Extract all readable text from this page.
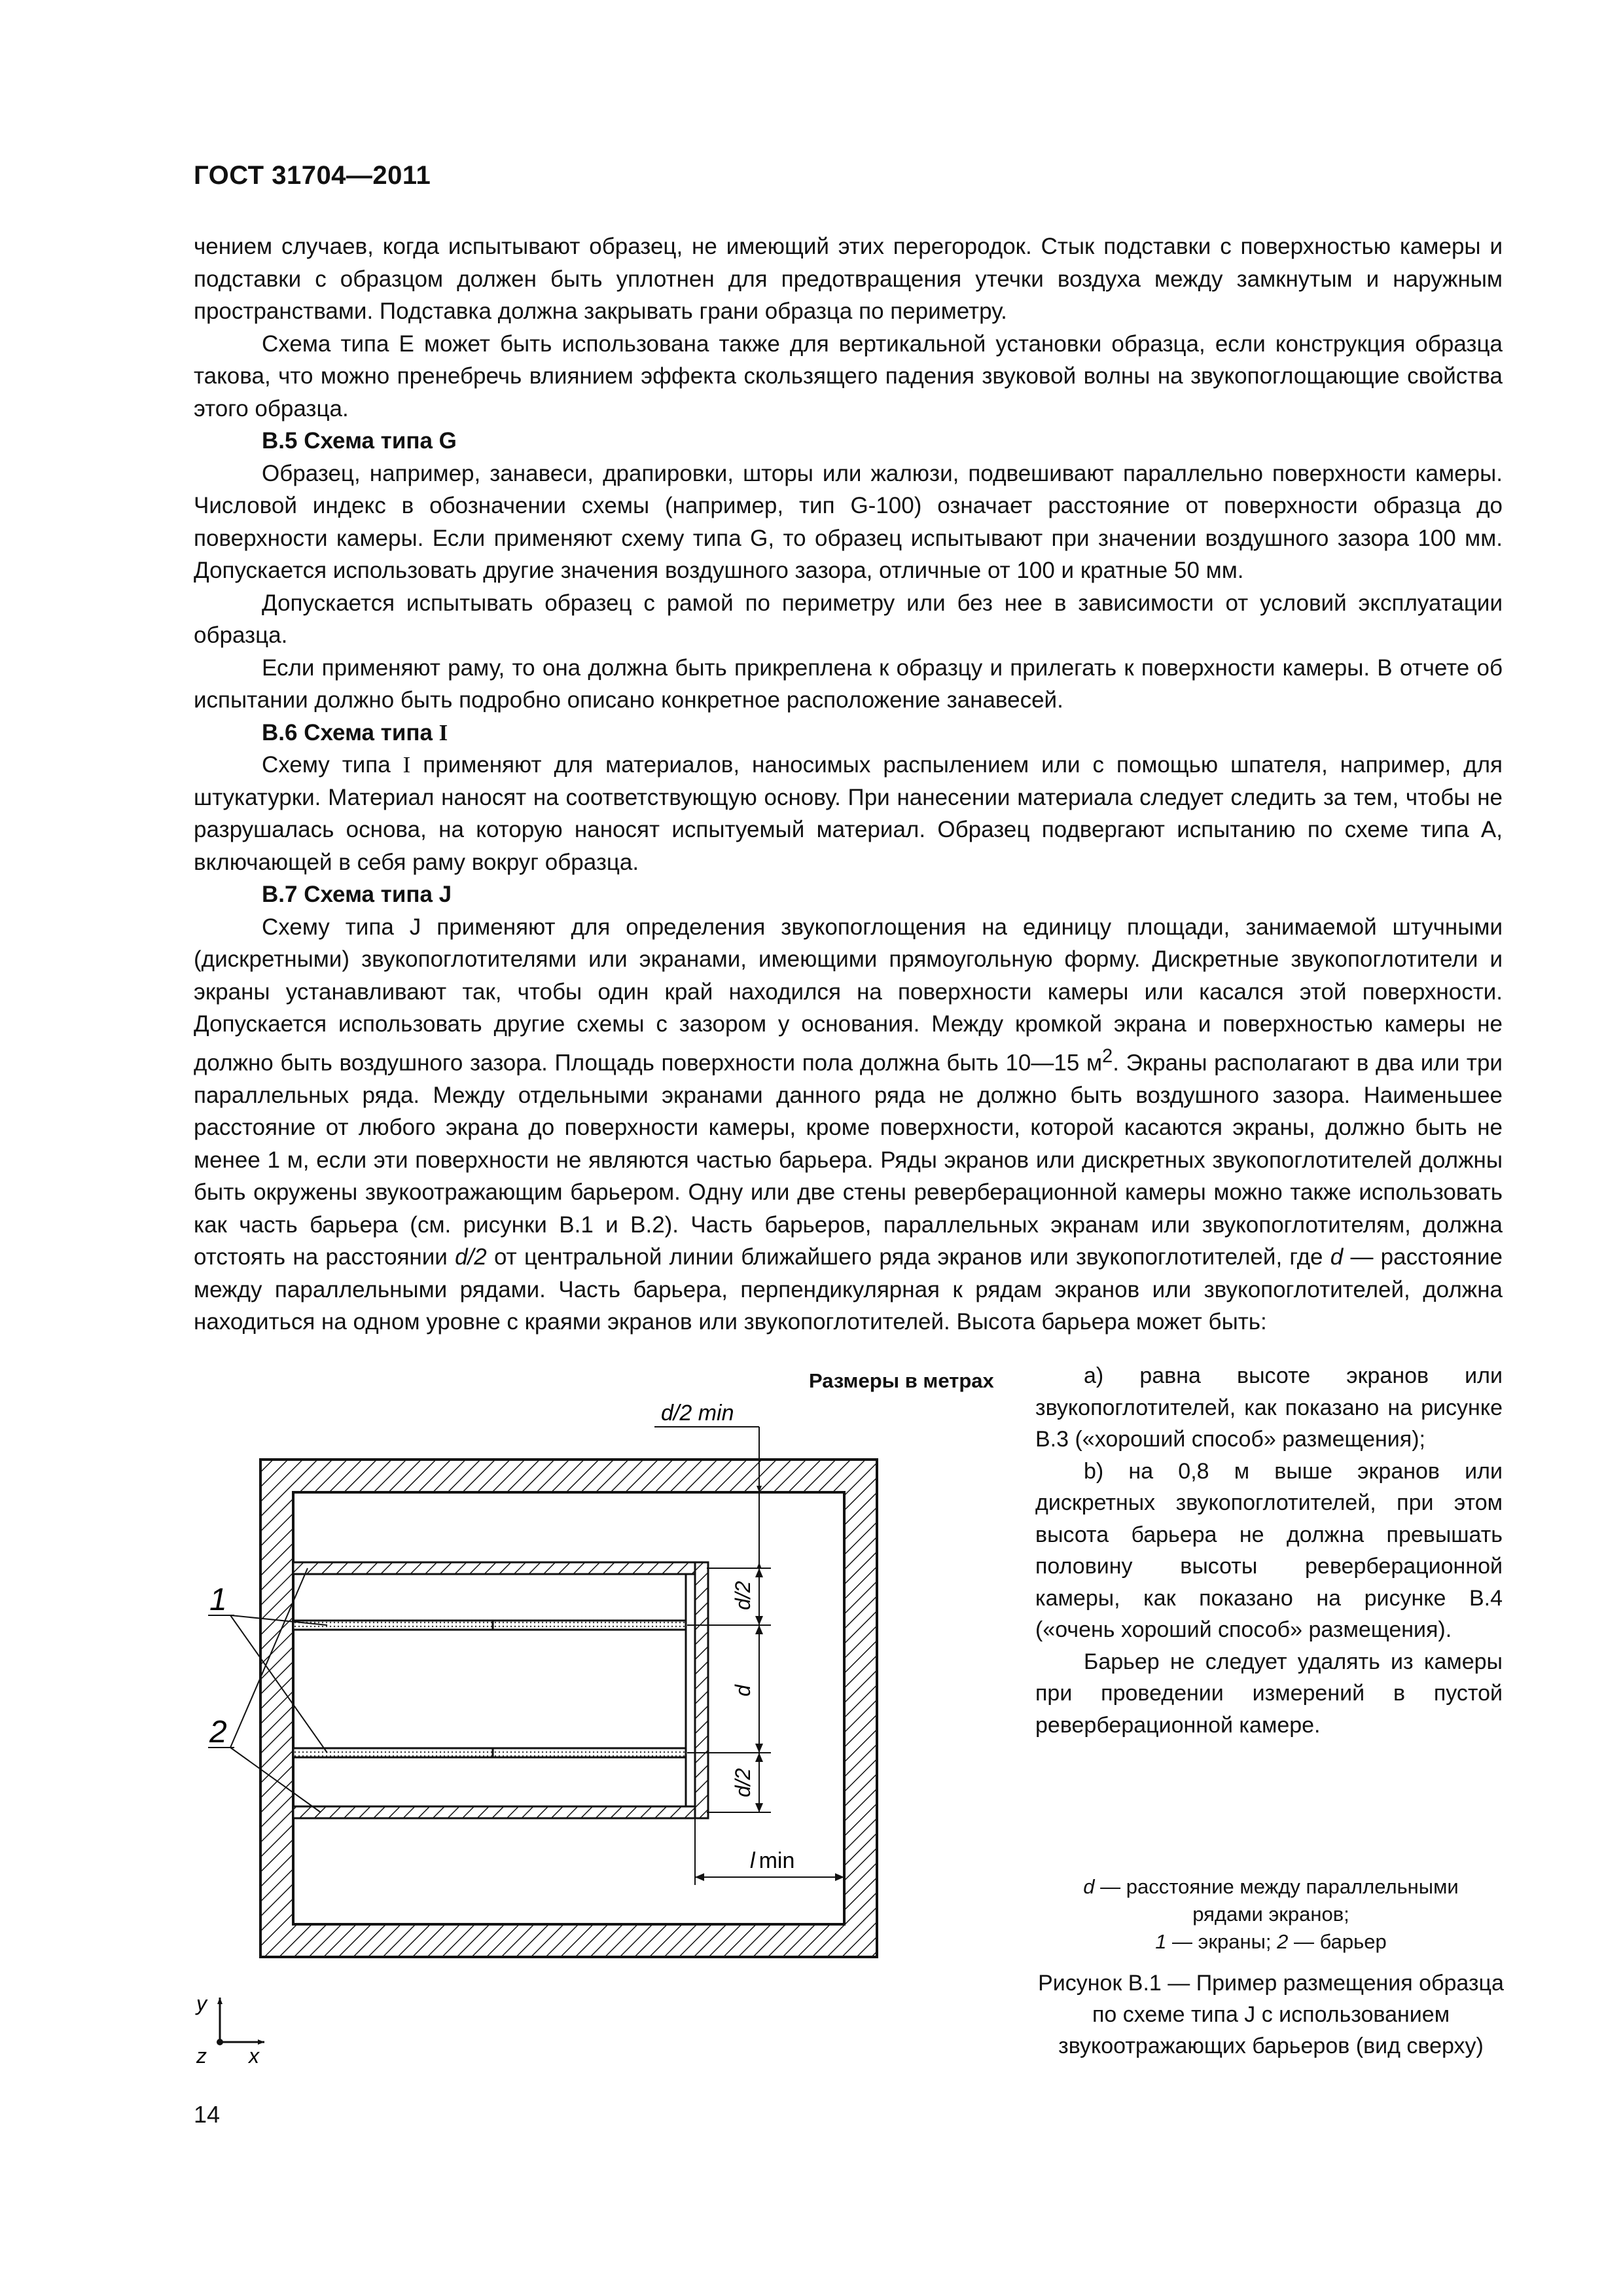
ГОСТ 31704—2011

чением случаев, когда испытывают образец, не имеющий этих перегородок. Стык подставки с поверхностью камеры и подставки с образцом должен быть уплотнен для предотвращения утечки воздуха между замкнутым и наружным пространствами. Подставка должна закрывать грани образца по периметру.

Схема типа E может быть использована также для вертикальной установки образца, если конструкция образца такова, что можно пренебречь влиянием эффекта скользящего падения звуковой волны на звукопоглощающие свойства этого образца.

В.5 Схема типа G

Образец, например, занавеси, драпировки, шторы или жалюзи, подвешивают параллельно поверхности камеры. Числовой индекс в обозначении схемы (например, тип G-100) означает расстояние от поверхности образца до поверхности камеры. Если применяют схему типа G, то образец испытывают при значении воздушного зазора 100 мм. Допускается использовать другие значения воздушного зазора, отличные от 100 и кратные 50 мм.

Допускается испытывать образец с рамой по периметру или без нее в зависимости от условий эксплуатации образца.

Если применяют раму, то она должна быть прикреплена к образцу и прилегать к поверхности камеры. В отчете об испытании должно быть подробно описано конкретное расположение занавесей.

В.6 Схема типа I

Схему типа I применяют для материалов, наносимых распылением или с помощью шпателя, например, для штукатурки. Материал наносят на соответствующую основу. При нанесении материала следует следить за тем, чтобы не разрушалась основа, на которую наносят испытуемый материал. Образец подвергают испытанию по схеме типа А, включающей в себя раму вокруг образца.

В.7 Схема типа J

Схему типа J применяют для определения звукопоглощения на единицу площади, занимаемой штучными (дискретными) звукопоглотителями или экранами, имеющими прямоугольную форму. Дискретные звукопоглотители и экраны устанавливают так, чтобы один край находился на поверхности камеры или касался этой поверхности. Допускается использовать другие схемы с зазором у основания. Между кромкой экрана и поверхностью камеры не должно быть воздушного зазора. Площадь поверхности пола должна быть 10—15 $м^2$. Экраны располагают в два или три параллельных ряда. Между отдельными экранами данного ряда не должно быть воздушного зазора. Наименьшее расстояние от любого экрана до поверхности камеры, кроме поверхности, которой касаются экраны, должно быть не менее 1 м, если эти поверхности не являются частью барьера. Ряды экранов или дискретных звукопоглотителей должны быть окружены звукоотражающим барьером. Одну или две стены реверберационной камеры можно также использовать как часть барьера (см. рисунки В.1 и В.2). Часть барьеров, параллельных экранам или звукопоглотителям, должна отстоять на расстоянии d/2 от центральной линии ближайшего ряда экранов или звукопоглотителей, где d — расстояние между параллельными рядами. Часть барьера, перпендикулярная к рядам экранов или звукопоглотителей, должна находиться на одном уровне с краями экранов или звукопоглотителей. Высота барьера может быть:

Размеры в метрах
d/2 min
d/2
d
d/2
l min
1
2
y
z x

а) равна высоте экранов или звукопоглотителей, как показано на рисунке В.3 («хороший способ» размещения);

b) на 0,8 м выше экранов или дискретных звукопоглотителей, при этом высота барьера не должна превышать половину высоты реверберационной камеры, как показано на рисунке В.4 («очень хороший способ» размещения).

Барьер не следует удалять из камеры при проведении измерений в пустой реверберационной камере.

d — расстояние между параллельными
рядами экранов;
1 — экраны; 2 — барьер
Рисунок В.1 — Пример размещения образца по схеме типа J с использованием звукоотражающих барьеров (вид сверху)
14
